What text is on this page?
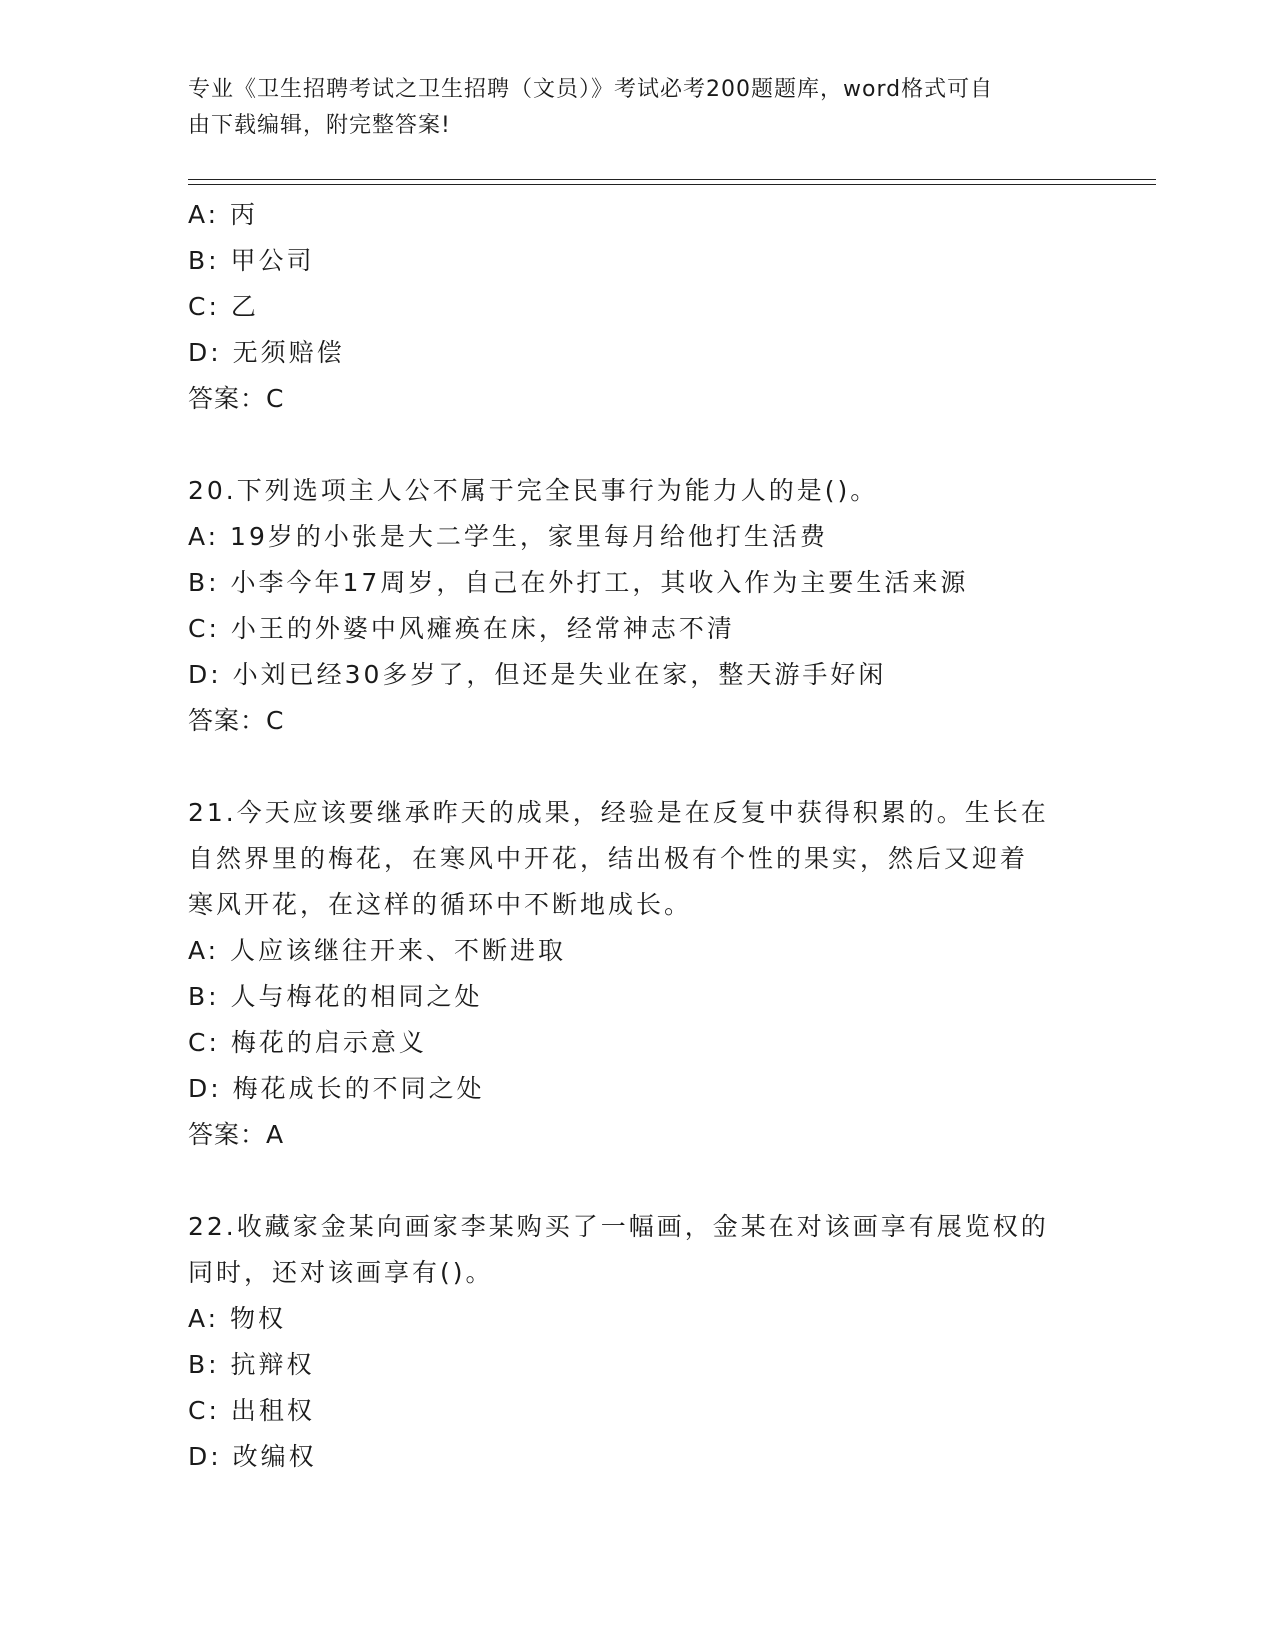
专业《卫生招聘考试之卫生招聘（文员）》考试必考200题题库，word格式可自
由下载编辑，附完整答案!
A: 丙
B: 甲公司
C: 乙
D: 无须赔偿
答案：C
20.下列选项主人公不属于完全民事行为能力人的是()。
A: 19岁的小张是大二学生，家里每月给他打生活费
B: 小李今年17周岁，自己在外打工，其收入作为主要生活来源
C: 小王的外婆中风瘫痪在床，经常神志不清
D: 小刘已经30多岁了，但还是失业在家，整天游手好闲
答案：C
21.今天应该要继承昨天的成果，经验是在反复中获得积累的。生长在
自然界里的梅花，在寒风中开花，结出极有个性的果实，然后又迎着
寒风开花，在这样的循环中不断地成长。
A: 人应该继往开来、不断进取
B: 人与梅花的相同之处
C: 梅花的启示意义
D: 梅花成长的不同之处
答案：A
22.收藏家金某向画家李某购买了一幅画，金某在对该画享有展览权的
同时，还对该画享有()。
A: 物权
B: 抗辩权
C: 出租权
D: 改编权
